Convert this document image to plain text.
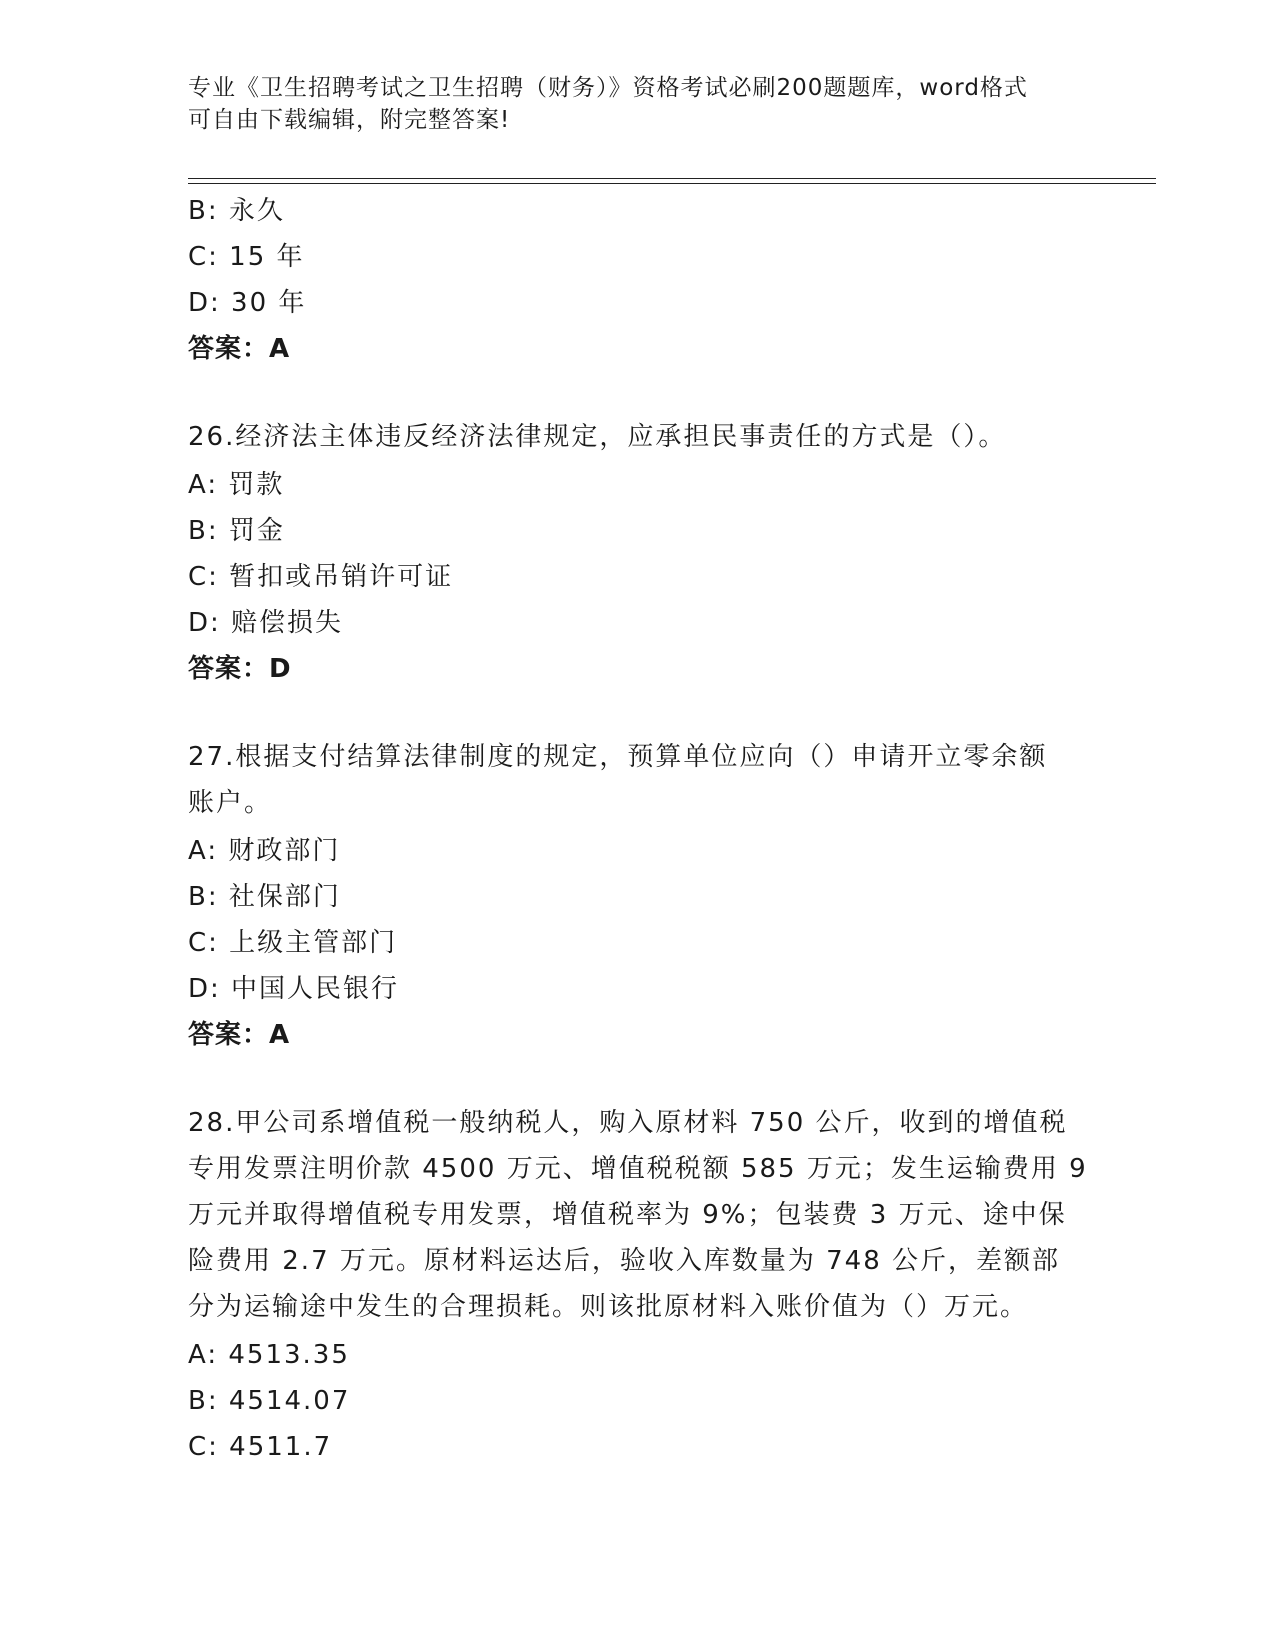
专业《卫生招聘考试之卫生招聘（财务）》资格考试必刷200题题库，word格式
可自由下载编辑，附完整答案!
B: 永久
C: 15 年
D: 30 年
答案：A
26.经济法主体违反经济法律规定，应承担民事责任的方式是（）。
A: 罚款
B: 罚金
C: 暂扣或吊销许可证
D: 赔偿损失
答案：D
27.根据支付结算法律制度的规定，预算单位应向（）申请开立零余额
账户。
A: 财政部门
B: 社保部门
C: 上级主管部门
D: 中国人民银行
答案：A
28.甲公司系增值税一般纳税人，购入原材料 750 公斤，收到的增值税
专用发票注明价款 4500 万元、增值税税额 585 万元；发生运输费用 9
万元并取得增值税专用发票，增值税率为 9%；包装费 3 万元、途中保
险费用 2.7 万元。原材料运达后，验收入库数量为 748 公斤，差额部
分为运输途中发生的合理损耗。则该批原材料入账价值为（）万元。
A: 4513.35
B: 4514.07
C: 4511.7
